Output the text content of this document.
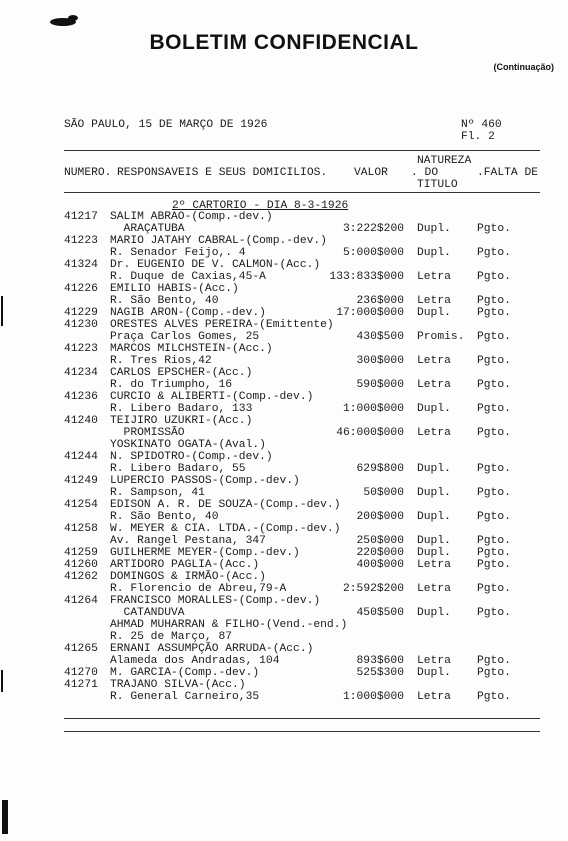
BOLETIM CONFIDENCIAL
(Continuação)
SÃO PAULO, 15 DE MARÇO DE 1926	Nº 460
Fl. 2
NATUREZA
NUMERO. RESPONSAVEIS E SEUS DOMICILIOS. VALOR . DO	.FALTA DE
TITULO
2º CARTORIO - DIA 8-3-1926
41217 SALIM ABRAO-(Comp.-dev.)
ARAÇATUBA	3:222$200 Dupl. Pgto.
41223 MARIO JATAHY CABRAL-(Comp.-dev.)
R. Senador Feijo,. 4	5:000$000 Dupl. Pgto.
41324 Dr. EUGENIO DE V. CALMON-(Acc.)
R. Duque de Caxias,45-A	133:833$000 Letra Pgto.
41226 EMILIO HABIS-(Acc.)
R. São Bento, 40	236$000 Letra Pgto.
41229 NAGIB ARON-(Comp.-dev.)	17:000$000 Dupl. Pgto.
41230 ORESTES ALVES PEREIRA-(Emittente)
Praça Carlos Gomes, 25	430$500 Promis. Pgto.
41223 MARCOS MILCHSTEIN-(Acc.)
R. Tres Rios,42	300$000 Letra Pgto.
41234 CARLOS EPSCHER-(Acc.)
R. do Triumpho, 16	590$000 Letra Pgto.
41236 CURCIO & ALIBERTI-(Comp.-dev.)
R. Libero Badaro, 133	1:000$000 Dupl. Pgto.
41240 TEIJIRO UZUKRI-(Acc.)
PROMISSÃO	46:000$000 Letra Pgto.
YOSKINATO OGATA-(Aval.)
41244 N. SPIDOTRO-(Comp.-dev.)
R. Libero Badaro, 55	629$800 Dupl. Pgto.
41249 LUPERCIO PASSOS-(Comp.-dev.)
R. Sampson, 41	50$000 Dupl. Pgto.
41254 EDISON A. R. DE SOUZA-(Comp.-dev.)
R. São Bento, 40	200$000 Dupl. Pgto.
41258 W. MEYER & CIA. LTDA.-(Comp.-dev.)
Av. Rangel Pestana, 347	250$000 Dupl. Pgto.
41259 GUILHERME MEYER-(Comp.-dev.)	220$000 Dupl. Pgto.
41260 ARTIDORO PAGLIA-(Acc.)	400$000 Letra Pgto.
41262 DOMINGOS & IRMÃO-(Acc.)
R. Florencio de Abreu,79-A	2:592$200 Letra Pgto.
41264 FRANCISCO MORALLES-(Comp.-dev.)
CATANDUVA	450$500 Dupl. Pgto.
AHMAD MUHARRAN & FILHO-(Vend.-end.)
R. 25 de Março, 87
41265 ERNANI ASSUMPÇÃO ARRUDA-(Acc.)
Alameda dos Andradas, 104	893$600 Letra Pgto.
41270 M. GARCIA-(Comp.-dev.)	525$300 Dupl. Pgto.
41271 TRAJANO SILVA-(Acc.)
R. General Carneiro,35	1:000$000 Letra Pgto.
